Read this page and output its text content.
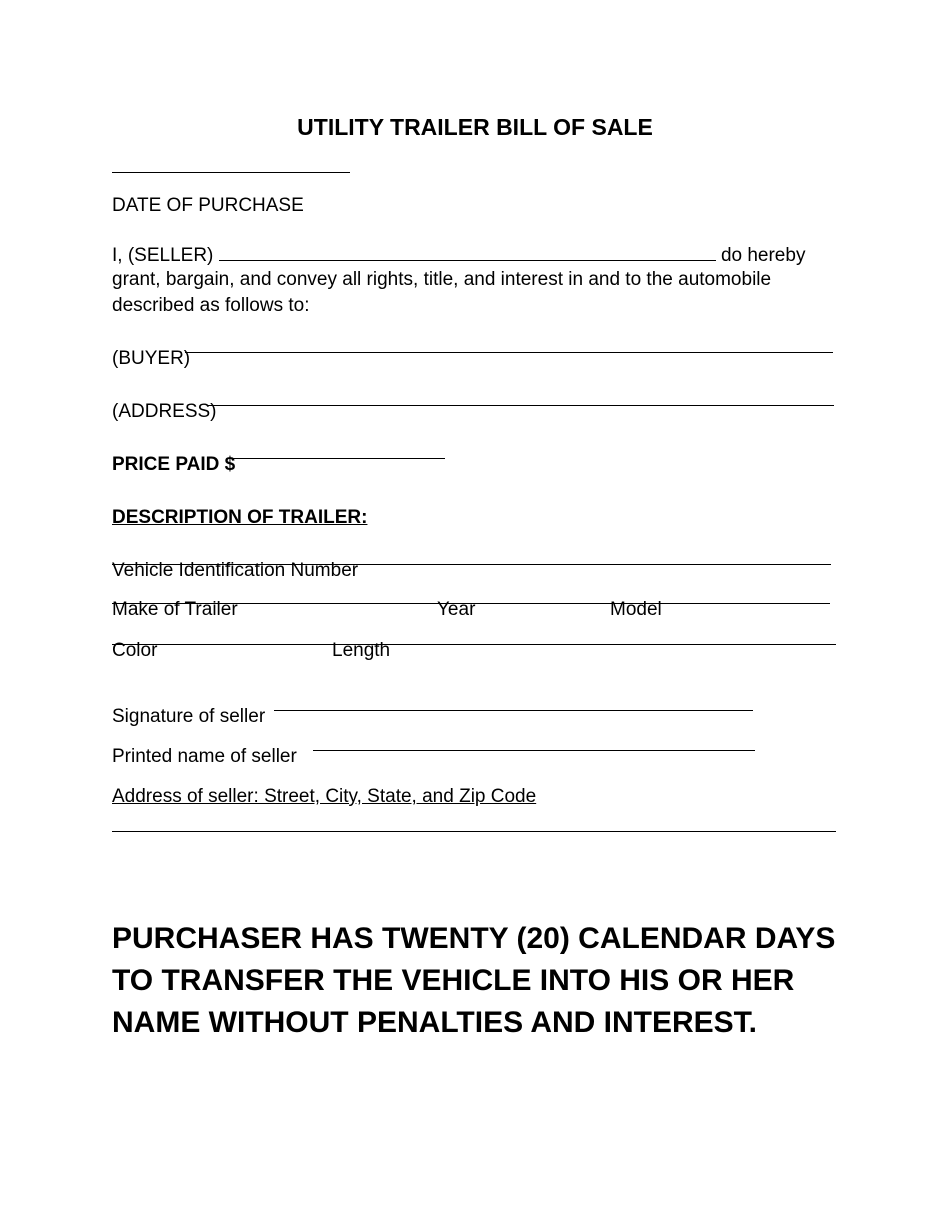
UTILITY TRAILER BILL OF SALE
DATE OF PURCHASE
I, (SELLER)	do hereby
grant, bargain, and convey all rights, title, and interest in and to the automobile
described as follows to:
(BUYER)
(ADDRESS)
PRICE PAID $
DESCRIPTION OF TRAILER:
Vehicle Identification Number
Make of Trailer	Year	Model
Color	Length
Signature of seller
Printed name of seller
Address of seller: Street, City, State, and Zip Code
PURCHASER HAS TWENTY (20) CALENDAR DAYS TO TRANSFER THE VEHICLE INTO HIS OR HER NAME WITHOUT PENALTIES AND INTEREST.
